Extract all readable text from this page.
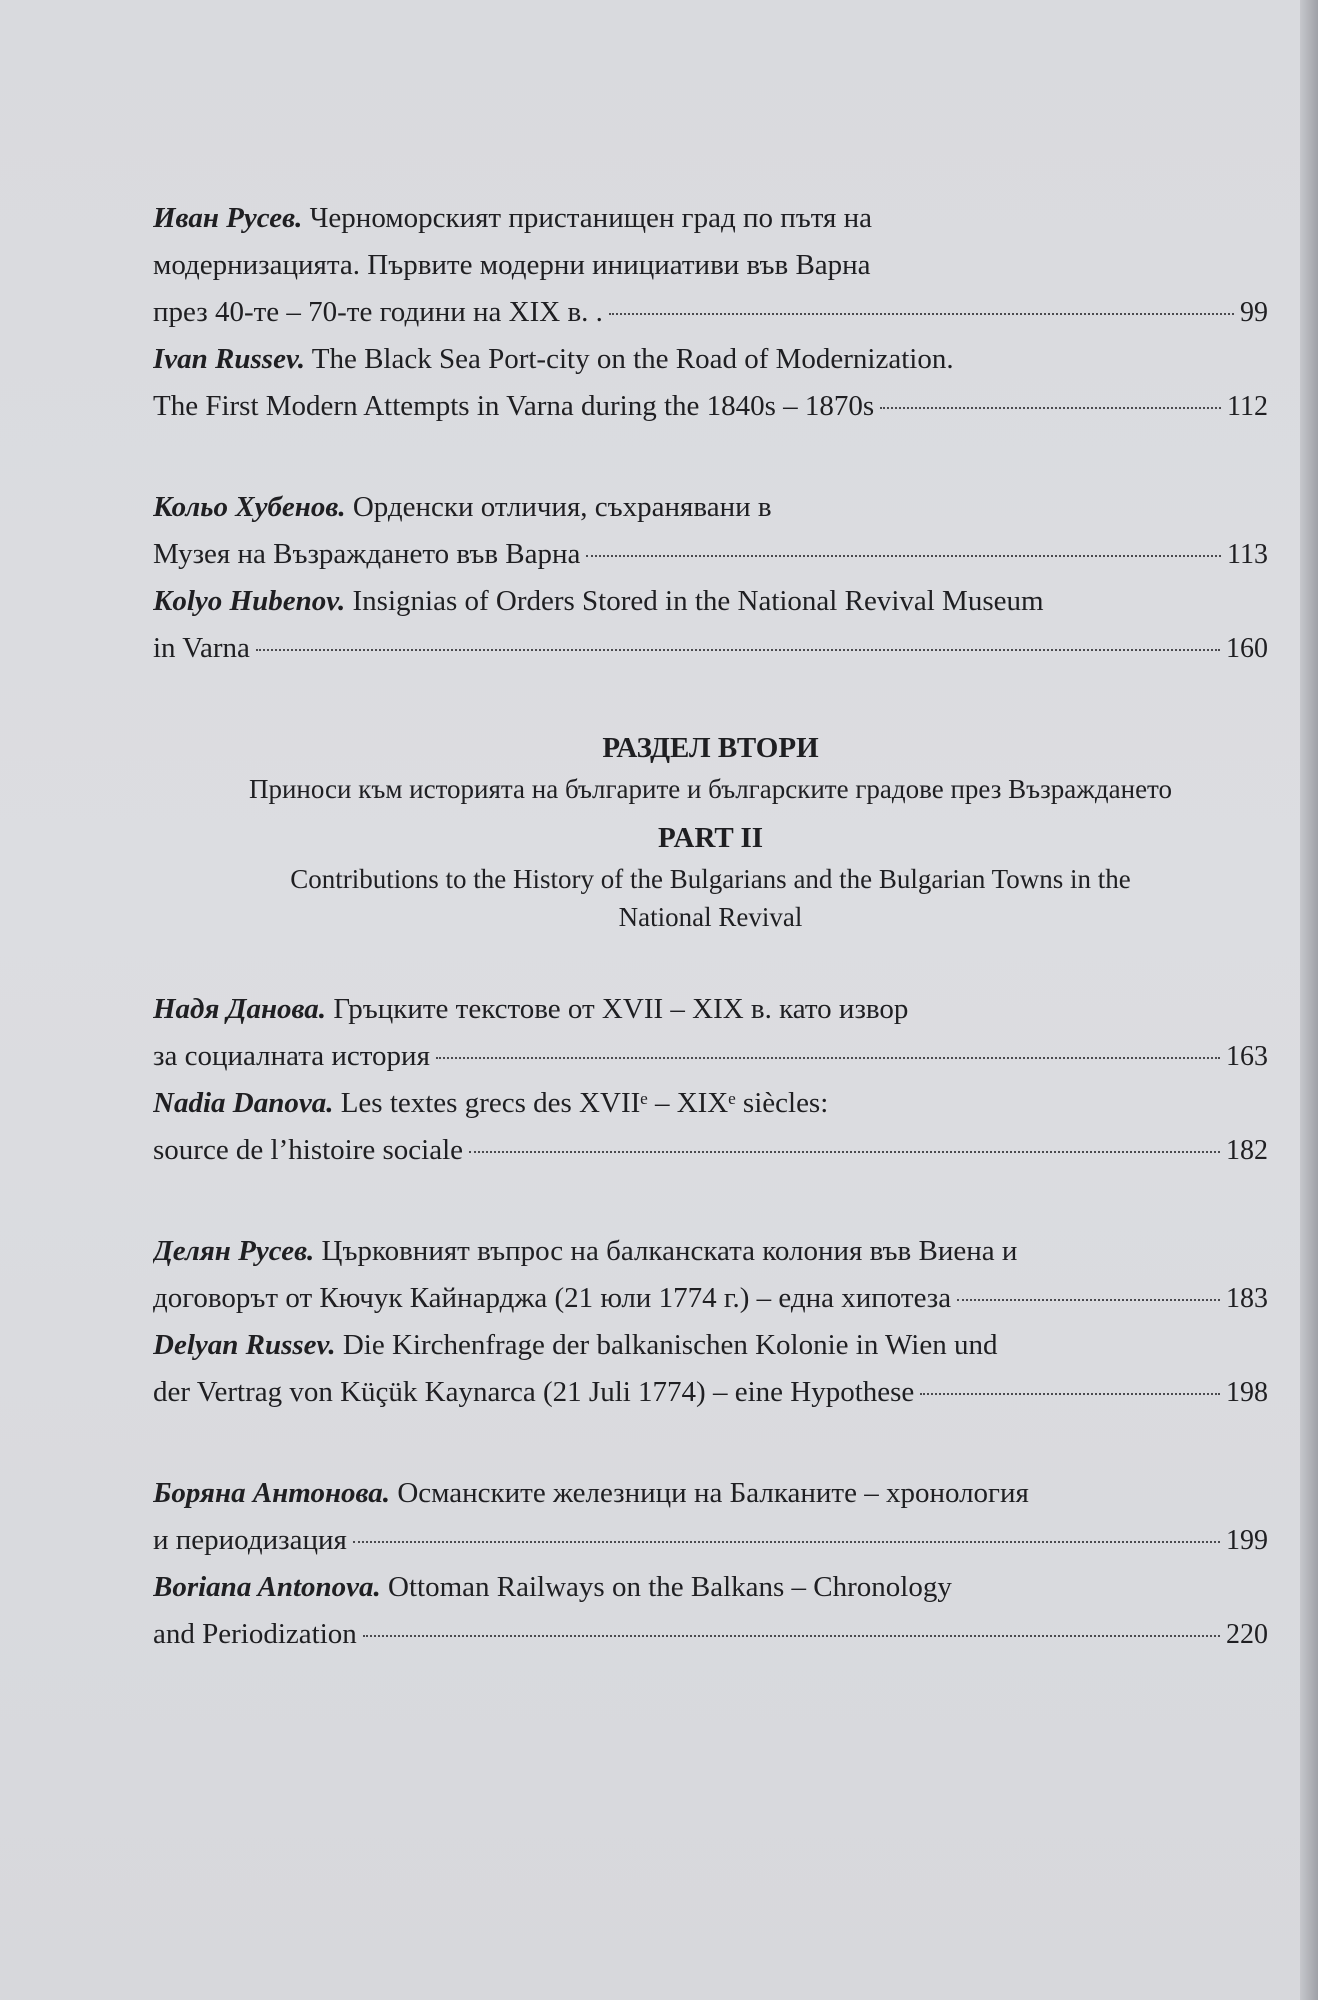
Иван Русев. Черноморският пристанищен град по пътя на
модернизацията. Първите модерни инициативи във Варна
през 40-те – 70-те години на XIX в. .	99
Ivan Russev. The Black Sea Port-city on the Road of Modernization.
The First Modern Attempts in Varna during the 1840s – 1870s	112
Кольо Хубенов. Орденски отличия, съхранявани в
Музея на Възраждането във Варна	113
Kolyo Hubenov. Insignias of Orders Stored in the National Revival Museum
in Varna	160
РАЗДЕЛ ВТОРИ
Приноси към историята на българите и българските градове през Възраждането
PART II
Contributions to the History of the Bulgarians and the Bulgarian Towns in the
National Revival
Надя Данова. Гръцките текстове от XVII – XIX в. като извор
за социалната история	163
Nadia Danova. Les textes grecs des XVIIᵉ – XIXᵉ siècles:
source de l’histoire sociale	182
Делян Русев. Църковният въпрос на балканската колония във Виена и
договорът от Кючук Кайнарджа (21 юли 1774 г.) – една хипотеза	183
Delyan Russev. Die Kirchenfrage der balkanischen Kolonie in Wien und
der Vertrag von Küçük Kaynarca (21 Juli 1774) – eine Hypothese	198
Боряна Антонова. Османските железници на Балканите – хронология
и периодизация	199
Boriana Antonova. Ottoman Railways on the Balkans – Chronology
and Periodization	220
